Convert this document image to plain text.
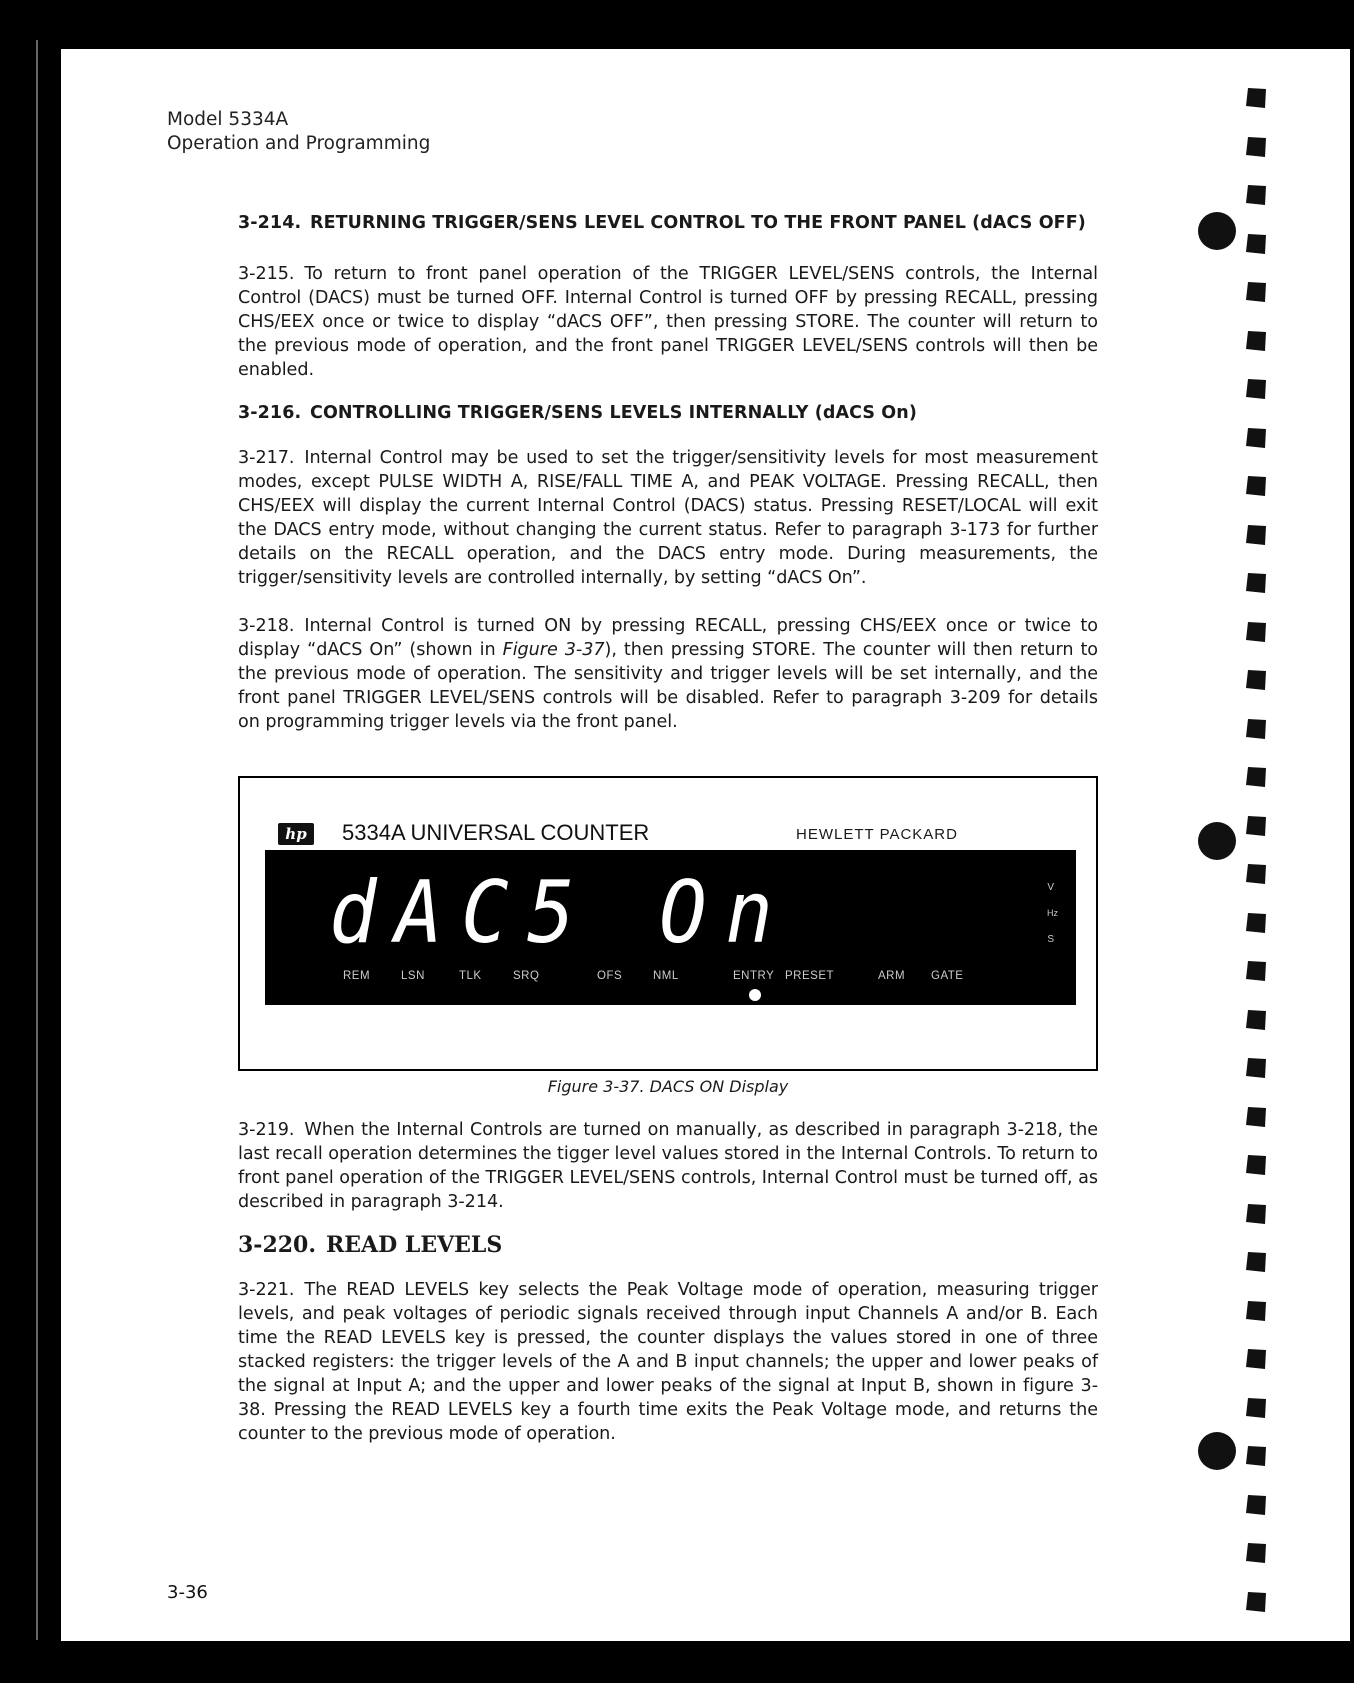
Model 5334A
Operation and Programming
3-214. RETURNING TRIGGER/SENS LEVEL CONTROL TO THE FRONT PANEL (dACS OFF)

3-215. To return to front panel operation of the TRIGGER LEVEL/SENS controls, the Internal Control (DACS) must be turned OFF. Internal Control is turned OFF by pressing RECALL, pressing CHS/EEX once or twice to display “dACS OFF”, then pressing STORE. The counter will return to the previous mode of operation, and the front panel TRIGGER LEVEL/SENS controls will then be enabled.

3-216. CONTROLLING TRIGGER/SENS LEVELS INTERNALLY (dACS On)

3-217. Internal Control may be used to set the trigger/sensitivity levels for most measurement modes, except PULSE WIDTH A, RISE/FALL TIME A, and PEAK VOLTAGE. Pressing RECALL, then CHS/EEX will display the current Internal Control (DACS) status. Pressing RESET/LOCAL will exit the DACS entry mode, without changing the current status. Refer to paragraph 3-173 for further details on the RECALL operation, and the DACS entry mode. During measurements, the trigger/sensitivity levels are controlled internally, by setting “dACS On”.

3-218. Internal Control is turned ON by pressing RECALL, pressing CHS/EEX once or twice to display “dACS On” (shown in Figure 3-37), then pressing STORE. The counter will then return to the previous mode of operation. The sensitivity and trigger levels will be set internally, and the front panel TRIGGER LEVEL/SENS controls will be disabled. Refer to paragraph 3-209 for details on programming trigger levels via the front panel.

hp	5334A UNIVERSAL COUNTER	HEWLETT PACKARD
dAC5 On	V
Hz
S
REM	LSN	TLK	SRQ	OFS	NML	ENTRY PRESET	ARM GATE
Figure 3-37. DACS ON Display

3-219. When the Internal Controls are turned on manually, as described in paragraph 3-218, the last recall operation determines the tigger level values stored in the Internal Controls. To return to front panel operation of the TRIGGER LEVEL/SENS controls, Internal Control must be turned off, as described in paragraph 3-214.

3-220. READ LEVELS

3-221. The READ LEVELS key selects the Peak Voltage mode of operation, measuring trigger levels, and peak voltages of periodic signals received through input Channels A and/or B. Each time the READ LEVELS key is pressed, the counter displays the values stored in one of three stacked registers: the trigger levels of the A and B input channels; the upper and lower peaks of the signal at Input A; and the upper and lower peaks of the signal at Input B, shown in figure 3-38. Pressing the READ LEVELS key a fourth time exits the Peak Voltage mode, and returns the counter to the previous mode of operation.

3-36
